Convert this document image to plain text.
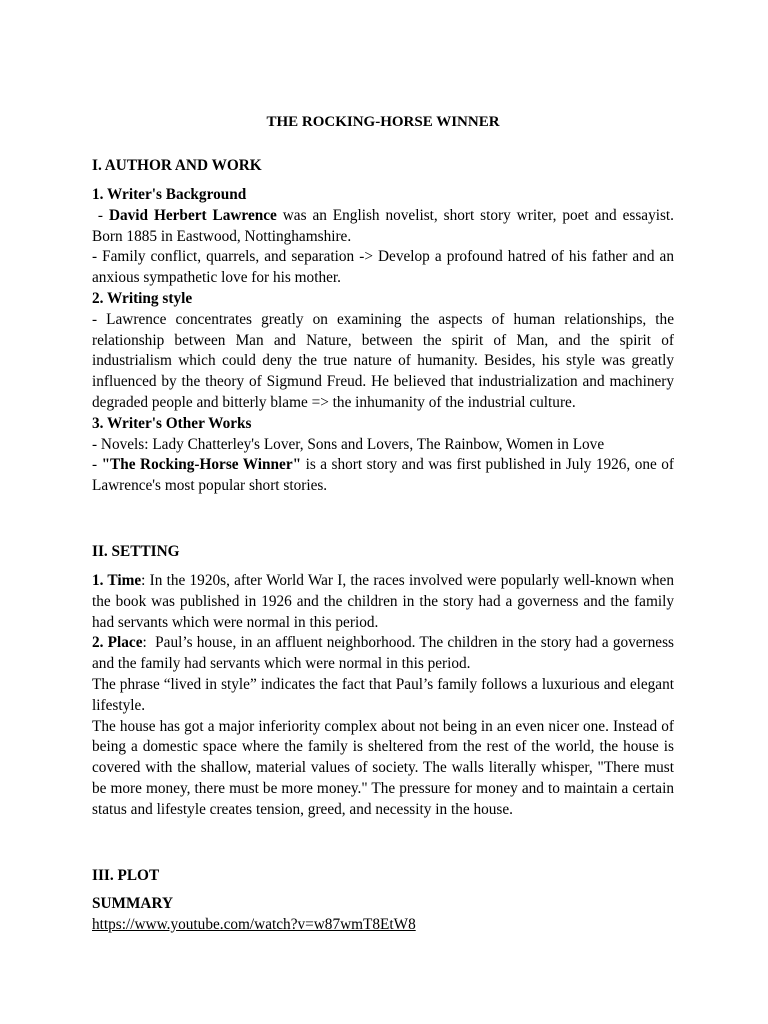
THE ROCKING-HORSE WINNER
I. AUTHOR AND WORK
1. Writer's Background

- David Herbert Lawrence was an English novelist, short story writer, poet and essayist. Born 1885 in Eastwood, Nottinghamshire.

- Family conflict, quarrels, and separation -> Develop a profound hatred of his father and an anxious sympathetic love for his mother.

2. Writing style

- Lawrence concentrates greatly on examining the aspects of human relationships, the relationship between Man and Nature, between the spirit of Man, and the spirit of industrialism which could deny the true nature of humanity. Besides, his style was greatly influenced by the theory of Sigmund Freud. He believed that industrialization and machinery degraded people and bitterly blame => the inhumanity of the industrial culture.

3. Writer's Other Works

- Novels: Lady Chatterley's Lover, Sons and Lovers, The Rainbow, Women in Love

- "The Rocking-Horse Winner" is a short story and was first published in July 1926, one of Lawrence's most popular short stories.

II. SETTING

1. Time: In the 1920s, after World War I, the races involved were popularly well-known when the book was published in 1926 and the children in the story had a governess and the family had servants which were normal in this period.

2. Place:  Paul’s house, in an affluent neighborhood. The children in the story had a governess and the family had servants which were normal in this period.

The phrase “lived in style” indicates the fact that Paul’s family follows a luxurious and elegant lifestyle.

The house has got a major inferiority complex about not being in an even nicer one. Instead of being a domestic space where the family is sheltered from the rest of the world, the house is covered with the shallow, material values of society. The walls literally whisper, "There must be more money, there must be more money." The pressure for money and to maintain a certain status and lifestyle creates tension, greed, and necessity in the house.

III. PLOT
SUMMARY
https://www.youtube.com/watch?v=w87wmT8EtW8
